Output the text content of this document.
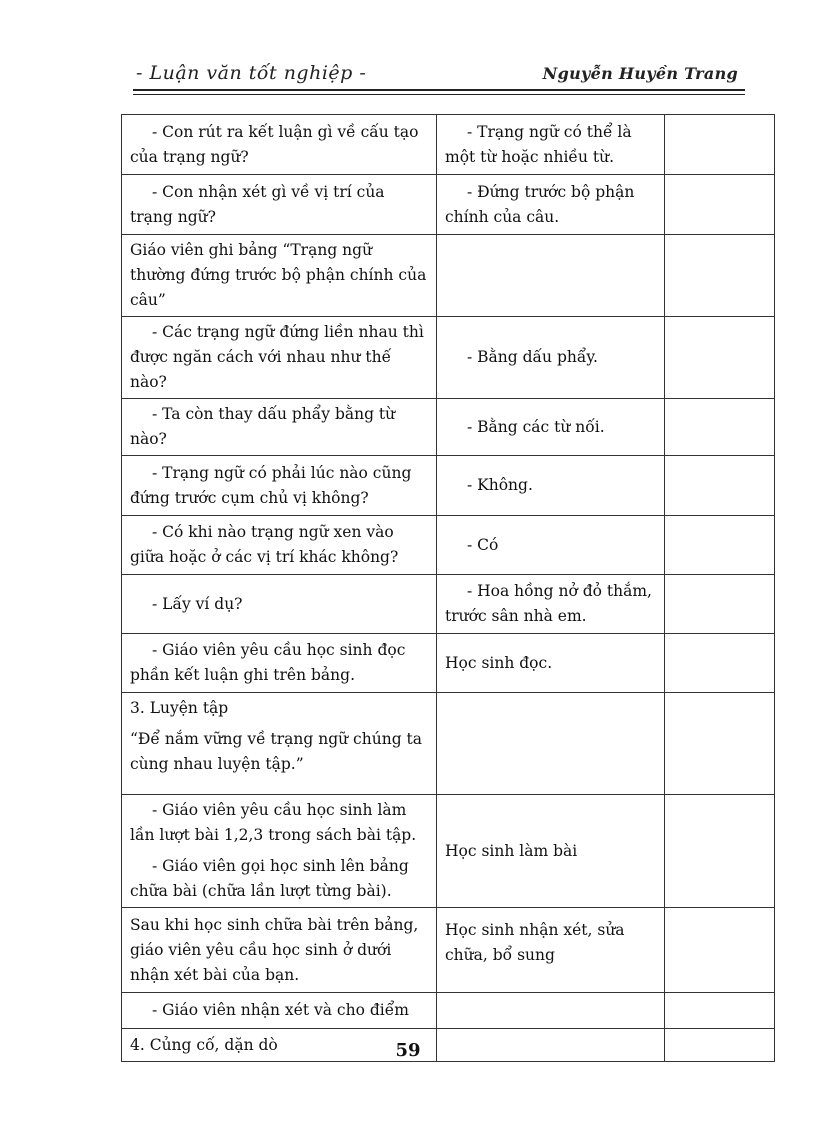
- Luận văn tốt nghiệp -	Nguyễn Huyền Trang
- Con rút ra kết luận gì về cấu tạo của trạng ngữ?	- Trạng ngữ có thể là một từ hoặc nhiều từ.	

- Con nhận xét gì về vị trí của trạng ngữ?	- Đứng trước bộ phận chính của câu.	

Giáo viên ghi bảng “Trạng ngữ thường đứng trước bộ phận chính của câu”		

- Các trạng ngữ đứng liền nhau thì được ngăn cách với nhau như thế nào?	- Bằng dấu phẩy.	

- Ta còn thay dấu phẩy bằng từ nào?	- Bằng các từ nối.	

- Trạng ngữ có phải lúc nào cũng đứng trước cụm chủ vị không?	- Không.	

- Có khi nào trạng ngữ xen vào giữa hoặc ở các vị trí khác không?	- Có	

- Lấy ví dụ?	- Hoa hồng nở đỏ thắm, trước sân nhà em.	

- Giáo viên yêu cầu học sinh đọc phần kết luận ghi trên bảng.	Học sinh đọc.	

3. Luyện tập
“Để nắm vững về trạng ngữ chúng ta cùng nhau luyện tập.”		

- Giáo viên yêu cầu học sinh làm lần lượt bài 1,2,3 trong sách bài tập.
- Giáo viên gọi học sinh lên bảng chữa bài (chữa lần lượt từng bài).	Học sinh làm bài	

Sau khi học sinh chữa bài trên bảng, giáo viên yêu cầu học sinh ở dưới nhận xét bài của bạn.	Học sinh nhận xét, sửa chữa, bổ sung	

- Giáo viên nhận xét và cho điểm		

4. Củng cố, dặn dò		

		59
